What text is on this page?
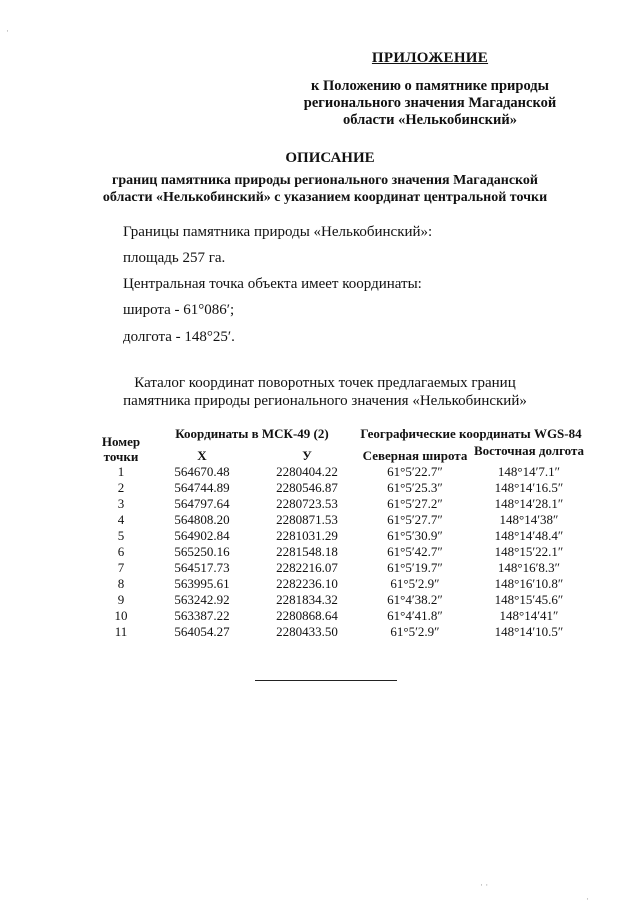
ПРИЛОЖЕНИЕ
к Положению о памятнике природы
регионального значения Магаданской
области «Нелькобинский»
ОПИСАНИЕ
границ памятника природы регионального значения Магаданской
области «Нелькобинский» с указанием координат центральной точки
Границы памятника природы «Нелькобинский»:
площадь 257 га.
Центральная точка объекта имеет координаты:
широта - 61°086′;
долгота - 148°25′.
Каталог координат поворотных точек предлагаемых границ
памятника природы регионального значения «Нелькобинский»
Номер точки	Координаты в МСК-49 (2)		Географические координаты WGS-84	
	X	У	Северная широта	Восточная долгота
1	564670.48	2280404.22	61°5′22.7″	148°14′7.1″
2	564744.89	2280546.87	61°5′25.3″	148°14′16.5″
3	564797.64	2280723.53	61°5′27.2″	148°14′28.1″
4	564808.20	2280871.53	61°5′27.7″	148°14′38″
5	564902.84	2281031.29	61°5′30.9″	148°14′48.4″
6	565250.16	2281548.18	61°5′42.7″	148°15′22.1″
7	564517.73	2282216.07	61°5′19.7″	148°16′8.3″
8	563995.61	2282236.10	61°5′2.9″	148°16′10.8″
9	563242.92	2281834.32	61°4′38.2″	148°15′45.6″
10	563387.22	2280868.64	61°4′41.8″	148°14′41″
11	564054.27	2280433.50	61°5′2.9″	148°14′10.5″
·
· ·
·
